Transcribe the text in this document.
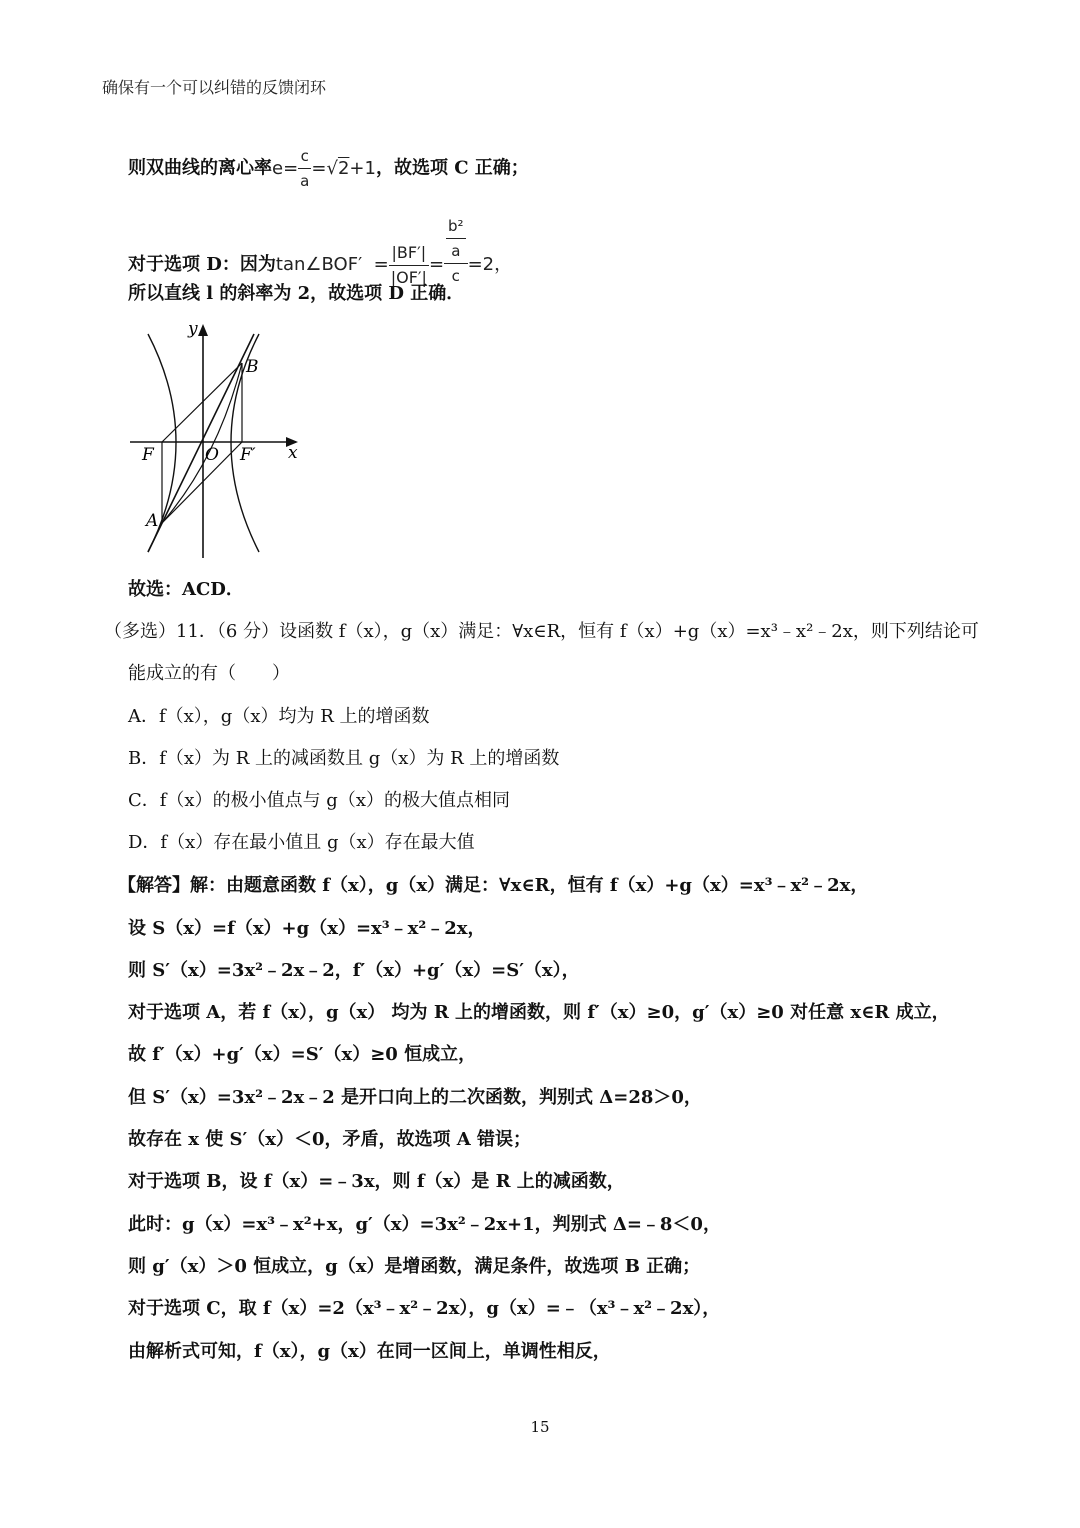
确保有一个可以纠错的反馈闭环
则双曲线的离心率$e= \frac{c}{a} =√2+1$，故选项 C 正确；
对于选项 D：因为tan∠BOF′ = $\frac{|BF'|}{|OF'|} = \frac{\frac{\text{b²}}{a}}{c} =2$，
所以直线 l 的斜率为 2，故选项 D 正确．
y
x
B
F	O F′
A
故选：ACD．
（多选）11．（6 分）设函数 f（x），g（x）满足：∀x∈R，恒有 f（x）+g（x）=x³﹣x²﹣2x，则下列结论可
能成立的有（　　）
A．f（x），g（x）均为 R 上的增函数
B．f（x）为 R 上的减函数且 g（x）为 R 上的增函数
C．f（x）的极小值点与 g（x）的极大值点相同
D．f（x）存在最小值且 g（x）存在最大值
【解答】解：由题意函数 f（x），g（x）满足：∀x∈R，恒有 f（x）+g（x）=x³﹣x²﹣2x，
设 S（x）=f（x）+g（x）=x³﹣x²﹣2x，
则 S′（x）=3x²﹣2x﹣2，f′（x）+g′（x）=S′（x），
对于选项 A，若 f（x），g（x） 均为 R 上的增函数，则 f′（x）≥0，g′（x）≥0 对任意 x∈R 成立，
故 f′（x）+g′（x）=S′（x）≥0 恒成立，
但 S′（x）=3x²﹣2x﹣2 是开口向上的二次函数，判别式 Δ=28＞0，
故存在 x 使 S′（x）＜0，矛盾，故选项 A 错误；
对于选项 B，设 f（x）=﹣3x，则 f（x）是 R 上的减函数，
此时：g（x）=x³﹣x²+x，g′（x）=3x²﹣2x+1，判别式 Δ=﹣8＜0，
则 g′（x）＞0 恒成立，g（x）是增函数，满足条件，故选项 B 正确；
对于选项 C，取 f（x）=2（x³﹣x²﹣2x），g（x）=﹣（x³﹣x²﹣2x），
由解析式可知，f（x），g（x）在同一区间上，单调性相反，
15
